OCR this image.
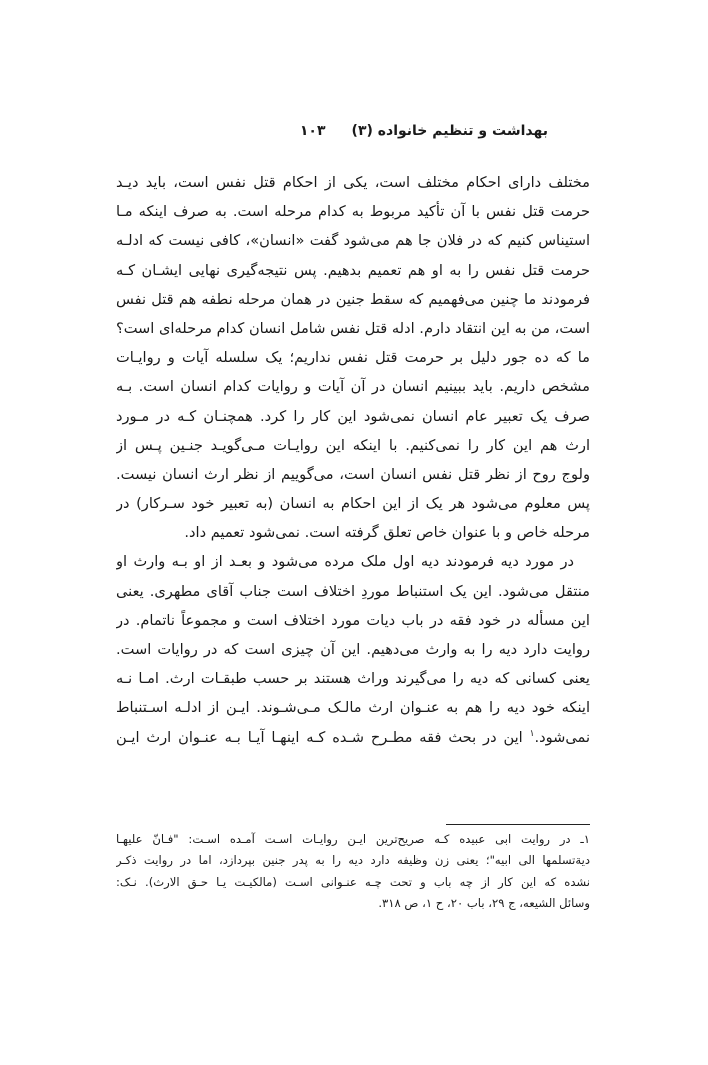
بهداشت و تنظیم خانواده (۳)
۱۰۳
مختلف دارای احکام مختلف است، یکی از احکام قتل نفس است، باید دیـد
حرمت قتل نفس با آن تأکید مربوط به کدام مرحله است. به صرف اینکه مـا
استیناس کنیم که در فلان جا هم می‌شود گفت «انسان»، کافی نیست که ادلـه
حرمت قتل نفس را به او هم تعمیم بدهیم. پس نتیجه‌گیری نهایی ایشـان کـه
فرمودند ما چنین می‌فهمیم که سقط جنین در همان مرحله نطفه هم قتل نفس
است، من به این انتقاد دارم. ادله قتل نفس شامل انسان کدام مرحله‌ای است؟
ما که ده جور دلیل بر حرمت قتل نفس نداریم؛ یک سلسله آیات و روایـات
مشخص داریم. باید ببینیم انسان در آن آیات و روایات کدام انسان است. بـه
صرف یک تعبیر عام انسان نمی‌شود این کار را کرد. همچنـان کـه در مـورد
ارث هم این کار را نمی‌کنیم. با اینکه این روایـات مـی‌گویـد جنـین پـس از
ولوج روح از نظر قتل نفس انسان است، می‌گوییم از نظر ارث انسان نیست.
پس معلوم می‌شود هر یک از این احکام به انسان (به تعبیر خود سـرکار) در
مرحله خاص و با عنوان خاص تعلق گرفته است. نمی‌شود تعمیم داد.
در مورد دیه فرمودند دیه اول ملک مرده می‌شود و بعـد از او بـه وارث او
منتقل می‌شود. این یک استنباط موردِ اختلاف است جناب آقای مطهری. یعنی
این مسأله در خود فقه در باب دیات مورد اختلاف است و مجموعاً ناتمام. در
روایت دارد دیه را به وارث می‌دهیم. این آن چیزی است که در روایات است.
یعنی کسانی که دیه را می‌گیرند وراث هستند بر حسب طبقـات ارث. امـا نـه
اینکه خود دیه را هم به عنـوان ارث مالـک مـی‌شـوند. ایـن از ادلـه اسـتنباط
نمی‌شود.$^۱$ این در بحث فقه مطـرح شـده کـه اینهـا آیـا بـه عنـوان ارث ایـن
۱ـ در روایت ابی عبیده کـه صریح‌ترین ایـن روایـات اسـت آمـده اسـت: "فـانّ علیهـا
دیةتسلمها الی ابیه"؛ یعنی زن وظیفه دارد دیه را به پدر جنین بپردازد، اما در روایت ذکـر
نشده که این کار از چه باب و تحت چـه عنـوانی اسـت (مالکیـت یـا حـق الارث). نـک:
وسائل الشیعه، ج ۲۹، باب ۲۰، ح ۱، ص ۳۱۸.
